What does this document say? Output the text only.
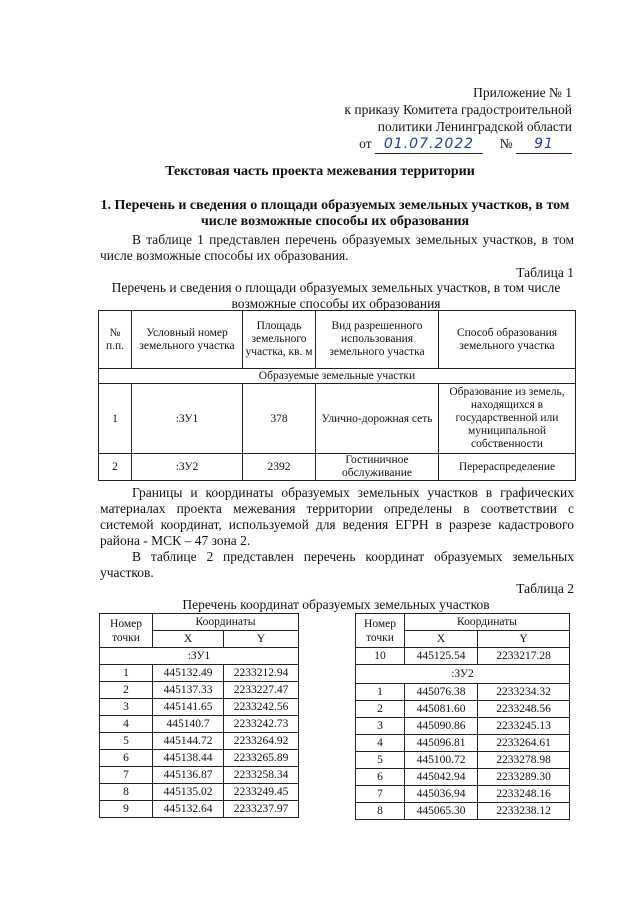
Приложение № 1
к приказу Комитета градостроительной
политики Ленинградской области
от 01.07.2022 № 91
Текстовая часть проекта межевания территории
1. Перечень и сведения о площади образуемых земельных участков, в том числе возможные способы их образования
В таблице 1 представлен перечень образуемых земельных участков, в том числе возможные способы их образования.
Таблица 1
Перечень и сведения о площади образуемых земельных участков, в том числе возможные способы их образования
№ п.п.	Условный номер земельного участка	Площадь земельного участка, кв. м	Вид разрешенного использования земельного участка	Способ образования земельного участка
Образуемые земельные участки				
1	:ЗУ1	378	Улично-дорожная сеть	Образование из земель, находящихся в государственной или муниципальной собственности
2	:ЗУ2	2392	Гостиничное обслуживание	Перераспределение
Границы и координаты образуемых земельных участков в графических материалах проекта межевания территории определены в соответствии с системой координат, используемой для ведения ЕГРН в разрезе кадастрового района - МСК – 47 зона 2.
В таблице 2 представлен перечень координат образуемых земельных участков.
Таблица 2
Перечень координат образуемых земельных участков
Номер точки	Координаты	
	X	Y
:ЗУ1		
1	445132.49	2233212.94
2	445137.33	2233227.47
3	445141.65	2233242.56
4	445140.7	2233242.73
5	445144.72	2233264.92
6	445138.44	2233265.89
7	445136.87	2233258.34
8	445135.02	2233249.45
9	445132.64	2233237.97
Номер точки	Координаты	
	X	Y
10	445125.54	2233217.28
:ЗУ2		
1	445076.38	2233234.32
2	445081.60	2233248.56
3	445090.86	2233245.13
4	445096.81	2233264.61
5	445100.72	2233278.98
6	445042.94	2233289.30
7	445036.94	2233248.16
8	445065.30	2233238.12
